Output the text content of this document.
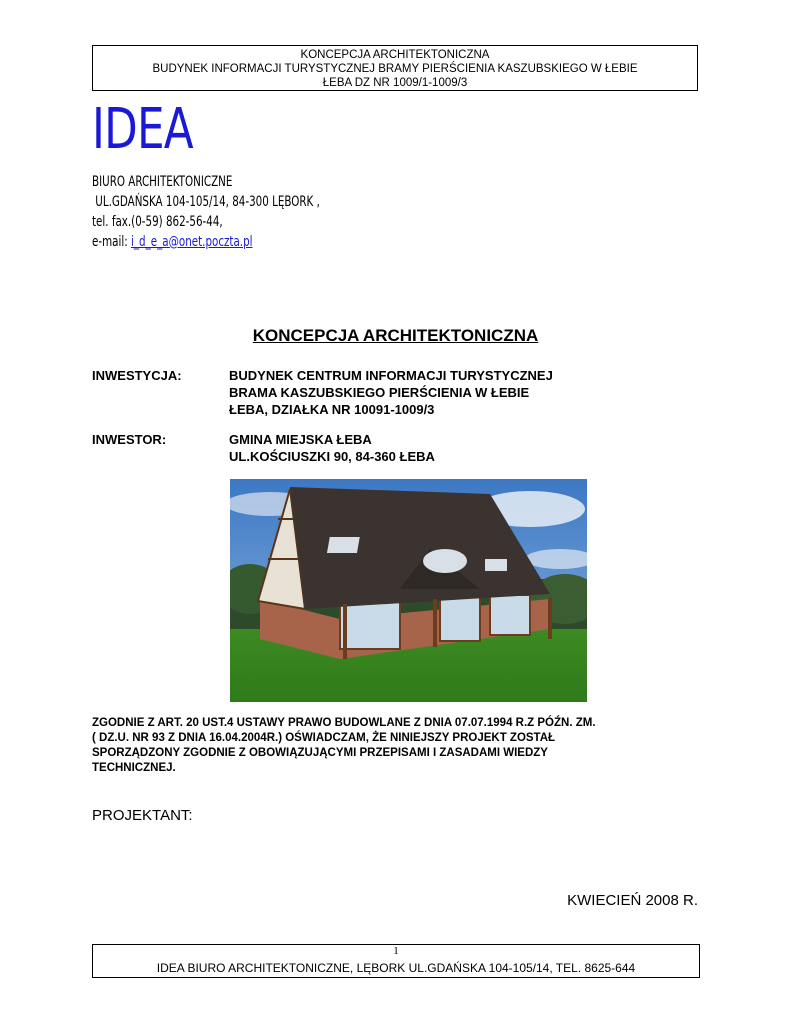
KONCEPCJA ARCHITEKTONICZNA
BUDYNEK INFORMACJI TURYSTYCZNEJ BRAMY PIERŚCIENIA KASZUBSKIEGO W ŁEBIE
ŁEBA DZ NR 1009/1-1009/3
IDEA
BIURO ARCHITEKTONICZNE
UL.GDAŃSKA 104-105/14, 84-300 LĘBORK ,
tel. fax.(0-59) 862-56-44,
e-mail: i_d_e_a@onet.poczta.pl
KONCEPCJA ARCHITEKTONICZNA
INWESTYCJA:	BUDYNEK CENTRUM INFORMACJI TURYSTYCZNEJ
BRAMA KASZUBSKIEGO PIERŚCIENIA W ŁEBIE
ŁEBA, DZIAŁKA NR 10091-1009/3
INWESTOR:	GMINA MIEJSKA ŁEBA
UL.KOŚCIUSZKI 90, 84-360 ŁEBA
ZGODNIE Z ART. 20 UST.4 USTAWY PRAWO BUDOWLANE Z DNIA 07.07.1994 R.Z PÓŹN. ZM.
( DZ.U. NR 93 Z DNIA 16.04.2004R.) OŚWIADCZAM, ŻE NINIEJSZY PROJEKT ZOSTAŁ
SPORZĄDZONY ZGODNIE Z OBOWIĄZUJĄCYMI PRZEPISAMI I ZASADAMI WIEDZY
TECHNICZNEJ.
PROJEKTANT:
KWIECIEŃ 2008 R.
1
IDEA BIURO ARCHITEKTONICZNE, LĘBORK UL.GDAŃSKA 104-105/14, TEL. 8625-644
